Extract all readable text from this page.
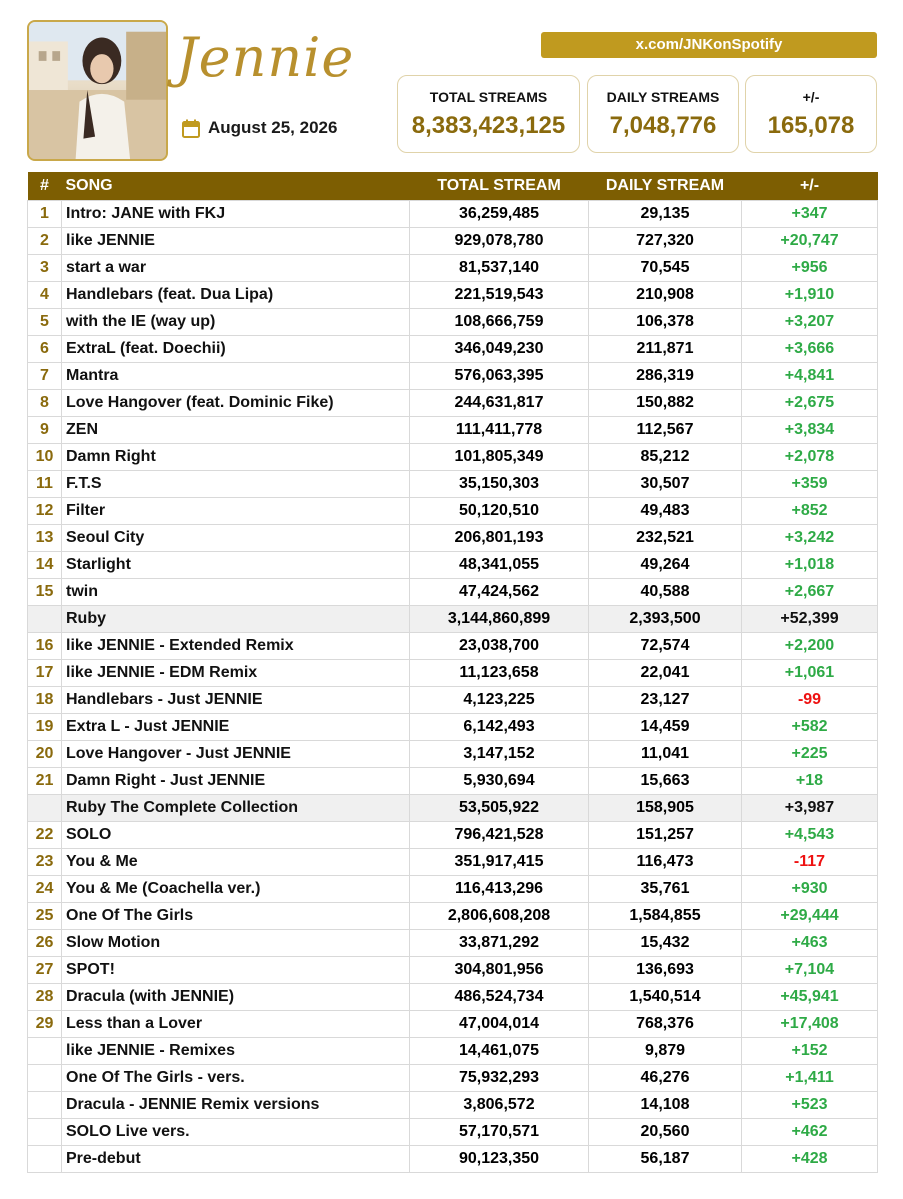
Jennie
August 25, 2026
x.com/JNKonSpotify
TOTAL STREAMS
8,383,423,125
DAILY STREAMS
7,048,776
+/-
165,078
#	SONG	TOTAL STREAM	DAILY STREAM	+/-
1	Intro: JANE with FKJ	36,259,485	29,135	+347
2	like JENNIE	929,078,780	727,320	+20,747
3	start a war	81,537,140	70,545	+956
4	Handlebars (feat. Dua Lipa)	221,519,543	210,908	+1,910
5	with the IE (way up)	108,666,759	106,378	+3,207
6	ExtraL (feat. Doechii)	346,049,230	211,871	+3,666
7	Mantra	576,063,395	286,319	+4,841
8	Love Hangover (feat. Dominic Fike)	244,631,817	150,882	+2,675
9	ZEN	111,411,778	112,567	+3,834
10	Damn Right	101,805,349	85,212	+2,078
11	F.T.S	35,150,303	30,507	+359
12	Filter	50,120,510	49,483	+852
13	Seoul City	206,801,193	232,521	+3,242
14	Starlight	48,341,055	49,264	+1,018
15	twin	47,424,562	40,588	+2,667
	Ruby	3,144,860,899	2,393,500	+52,399
16	like JENNIE - Extended Remix	23,038,700	72,574	+2,200
17	like JENNIE - EDM Remix	11,123,658	22,041	+1,061
18	Handlebars - Just JENNIE	4,123,225	23,127	-99
19	Extra L - Just JENNIE	6,142,493	14,459	+582
20	Love Hangover - Just JENNIE	3,147,152	11,041	+225
21	Damn Right - Just JENNIE	5,930,694	15,663	+18
	Ruby The Complete Collection	53,505,922	158,905	+3,987
22	SOLO	796,421,528	151,257	+4,543
23	You & Me	351,917,415	116,473	-117
24	You & Me (Coachella ver.)	116,413,296	35,761	+930
25	One Of The Girls	2,806,608,208	1,584,855	+29,444
26	Slow Motion	33,871,292	15,432	+463
27	SPOT!	304,801,956	136,693	+7,104
28	Dracula (with JENNIE)	486,524,734	1,540,514	+45,941
29	Less than a Lover	47,004,014	768,376	+17,408
	like JENNIE - Remixes	14,461,075	9,879	+152
	One Of The Girls - vers.	75,932,293	46,276	+1,411
	Dracula - JENNIE Remix versions	3,806,572	14,108	+523
	SOLO Live vers.	57,170,571	20,560	+462
	Pre-debut	90,123,350	56,187	+428
